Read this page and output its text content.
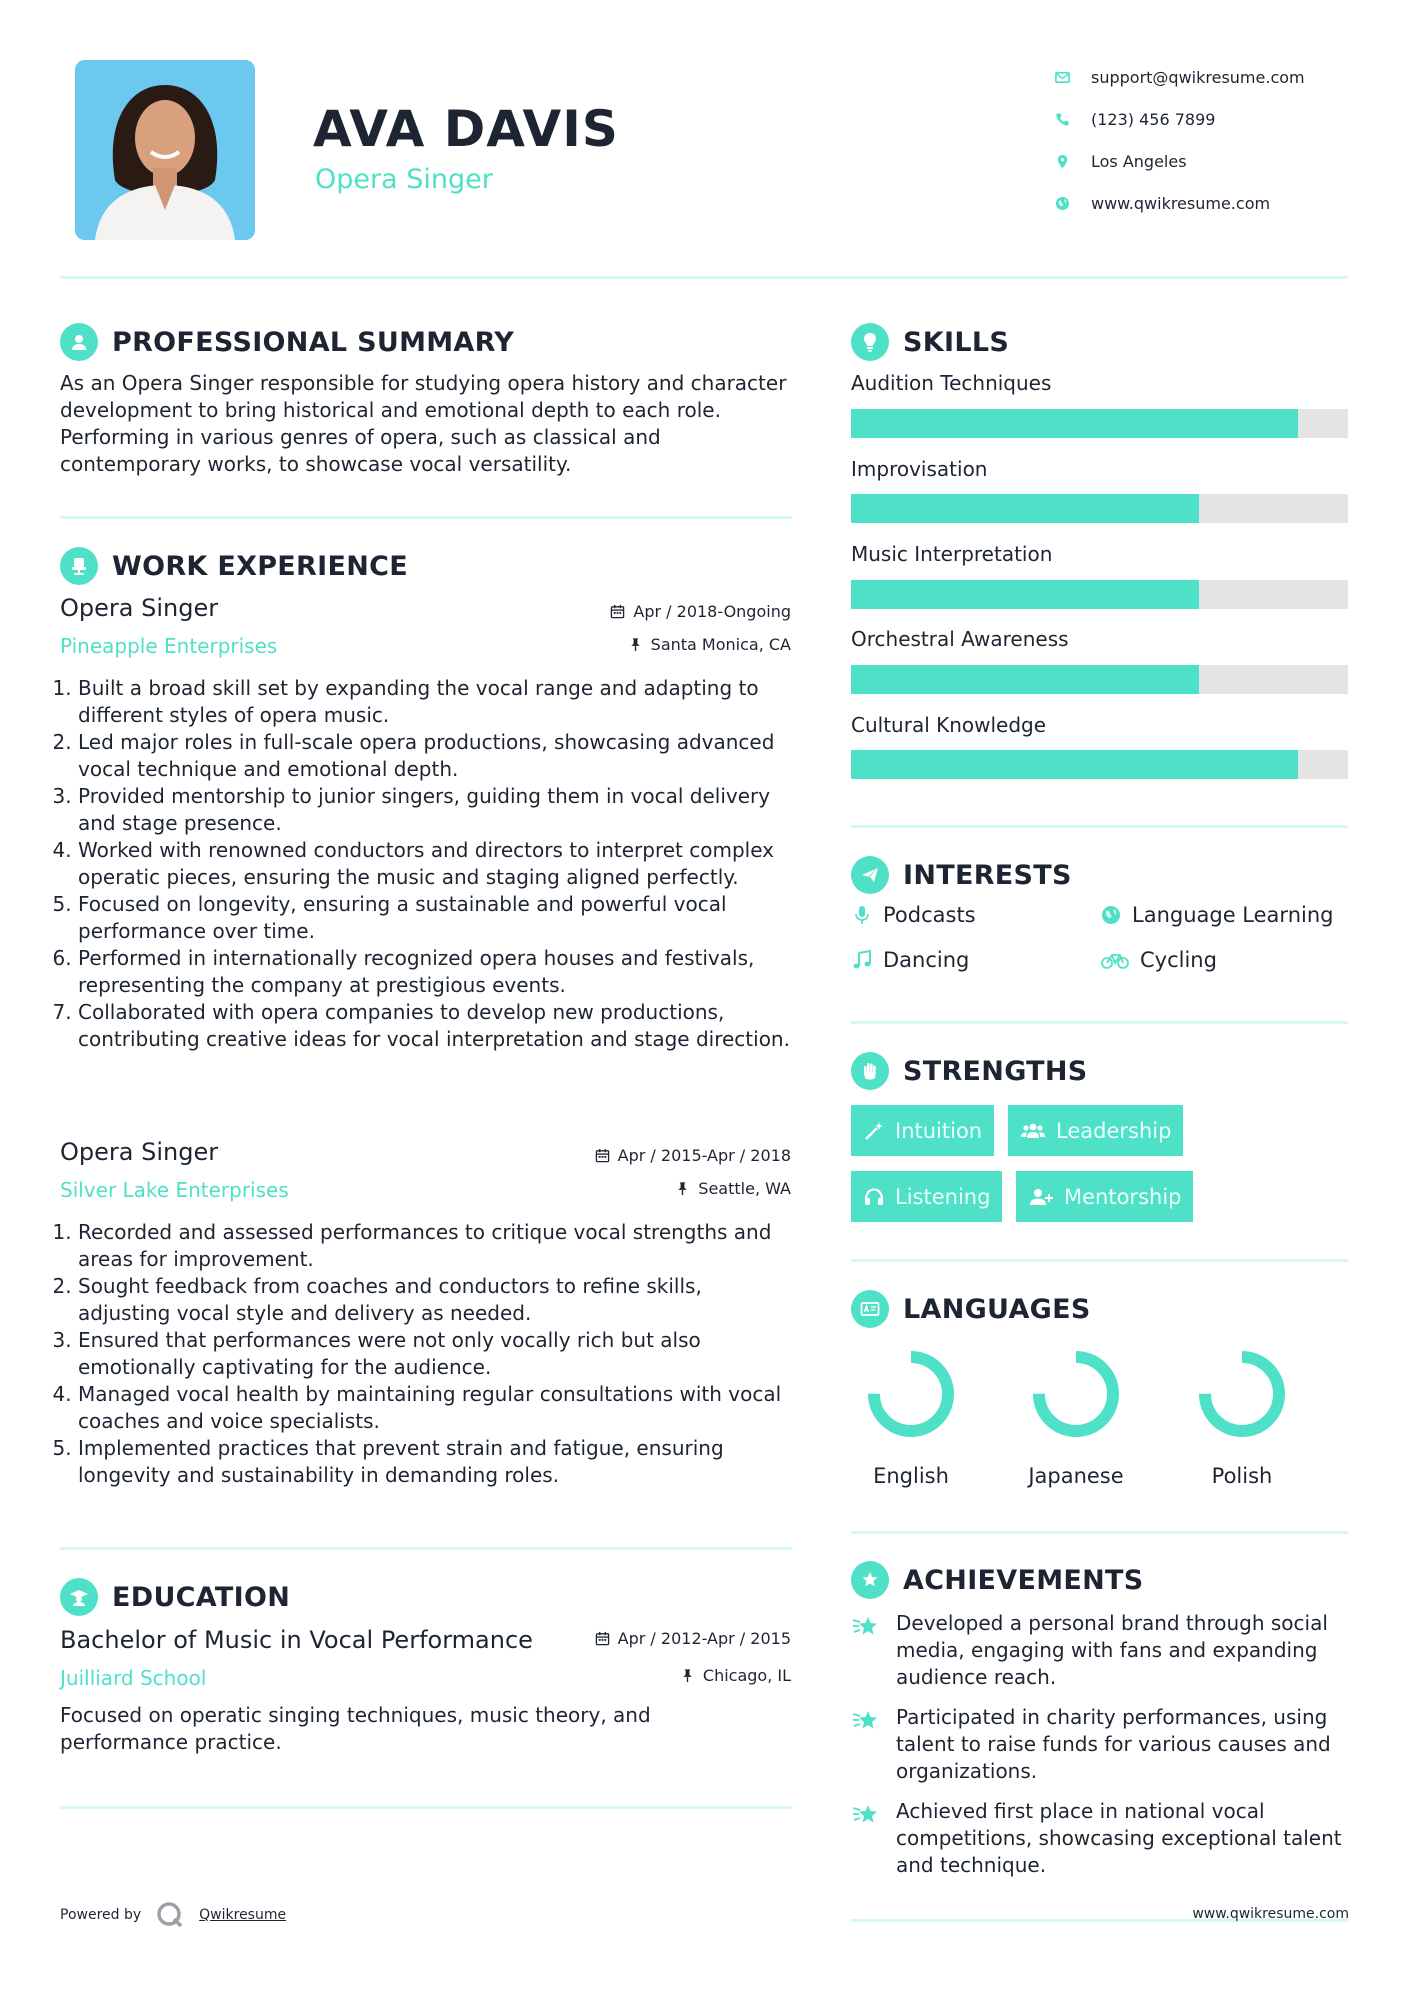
AVA DAVIS
Opera Singer
support@qwikresume.com
(123) 456 7899
Los Angeles
www.qwikresume.com
PROFESSIONAL SUMMARY
As an Opera Singer responsible for studying opera history and character development to bring historical and emotional depth to each role. Performing in various genres of opera, such as classical and contemporary works, to showcase vocal versatility.
WORK EXPERIENCE
Opera Singer
Pineapple Enterprises
Apr / 2018-Ongoing
Santa Monica, CA
1. Built a broad skill set by expanding the vocal range and adapting to different styles of opera music.
2. Led major roles in full-scale opera productions, showcasing advanced vocal technique and emotional depth.
3. Provided mentorship to junior singers, guiding them in vocal delivery and stage presence.
4. Worked with renowned conductors and directors to interpret complex operatic pieces, ensuring the music and staging aligned perfectly.
5. Focused on longevity, ensuring a sustainable and powerful vocal performance over time.
6. Performed in internationally recognized opera houses and festivals, representing the company at prestigious events.
7. Collaborated with opera companies to develop new productions, contributing creative ideas for vocal interpretation and stage direction.
Opera Singer
Silver Lake Enterprises
Apr / 2015-Apr / 2018
Seattle, WA
1. Recorded and assessed performances to critique vocal strengths and areas for improvement.
2. Sought feedback from coaches and conductors to refine skills, adjusting vocal style and delivery as needed.
3. Ensured that performances were not only vocally rich but also emotionally captivating for the audience.
4. Managed vocal health by maintaining regular consultations with vocal coaches and voice specialists.
5. Implemented practices that prevent strain and fatigue, ensuring longevity and sustainability in demanding roles.
EDUCATION
Bachelor of Music in Vocal Performance
Juilliard School
Apr / 2012-Apr / 2015
Chicago, IL
Focused on operatic singing techniques, music theory, and performance practice.
SKILLS
Audition Techniques
Improvisation
Music Interpretation
Orchestral Awareness
Cultural Knowledge
INTERESTS
Podcasts	Language Learning
Dancing	Cycling
STRENGTHS
Intuition	Leadership
Listening	Mentorship
LANGUAGES
English	Japanese	Polish
ACHIEVEMENTS
Developed a personal brand through social media, engaging with fans and expanding audience reach.
Participated in charity performances, using talent to raise funds for various causes and organizations.
Achieved first place in national vocal competitions, showcasing exceptional talent and technique.
Powered by	Qwikresume	www.qwikresume.com
